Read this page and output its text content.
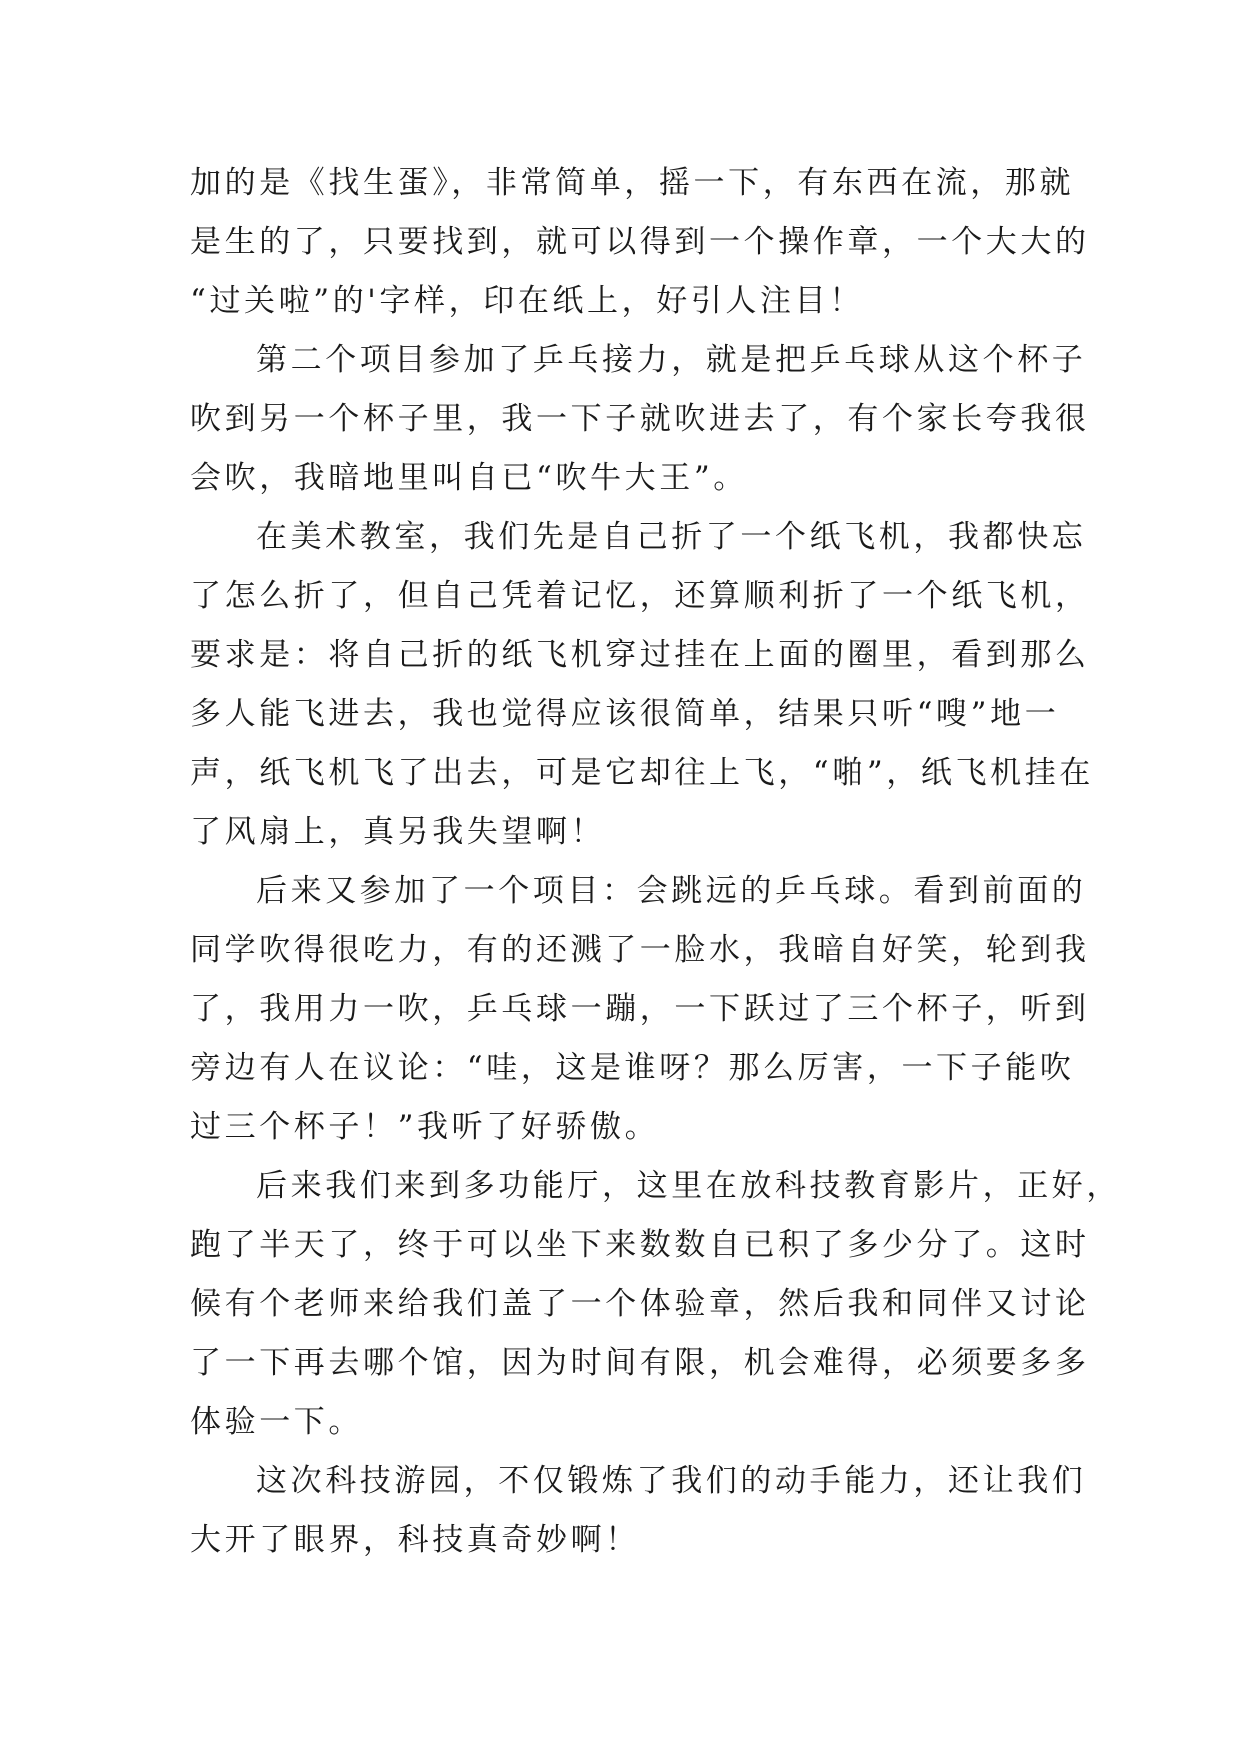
加的是《找生蛋》，非常简单，摇一下，有东西在流，那就
是生的了，只要找到，就可以得到一个操作章，一个大大的
“过关啦”的'字样，印在纸上，好引人注目！
第二个项目参加了乒乓接力，就是把乒乓球从这个杯子
吹到另一个杯子里，我一下子就吹进去了，有个家长夸我很
会吹，我暗地里叫自已“吹牛大王”。
在美术教室，我们先是自己折了一个纸飞机，我都快忘
了怎么折了，但自己凭着记忆，还算顺利折了一个纸飞机，
要求是：将自己折的纸飞机穿过挂在上面的圈里，看到那么
多人能飞进去，我也觉得应该很简单，结果只听“嗖”地一
声，纸飞机飞了出去，可是它却往上飞，“啪”，纸飞机挂在
了风扇上，真另我失望啊！
后来又参加了一个项目：会跳远的乒乓球。看到前面的
同学吹得很吃力，有的还溅了一脸水，我暗自好笑，轮到我
了，我用力一吹，乒乓球一蹦，一下跃过了三个杯子，听到
旁边有人在议论：“哇，这是谁呀？那么厉害，一下子能吹
过三个杯子！”我听了好骄傲。
后来我们来到多功能厅，这里在放科技教育影片，正好，
跑了半天了，终于可以坐下来数数自已积了多少分了。这时
候有个老师来给我们盖了一个体验章，然后我和同伴又讨论
了一下再去哪个馆，因为时间有限，机会难得，必须要多多
体验一下。
这次科技游园，不仅锻炼了我们的动手能力，还让我们
大开了眼界，科技真奇妙啊！
